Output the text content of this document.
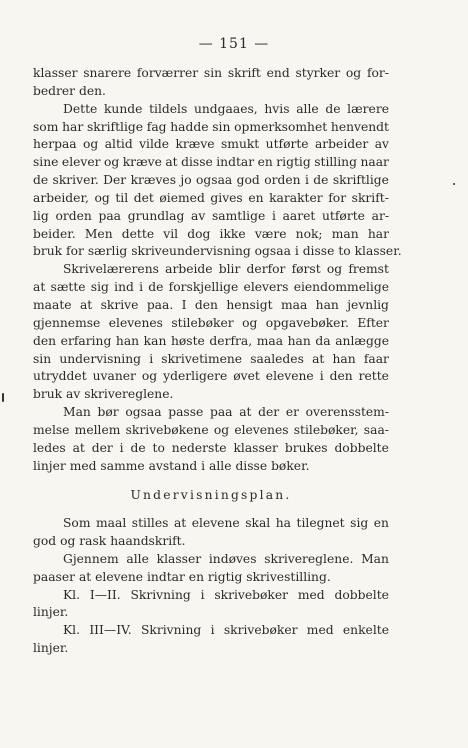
— 151 —
klasser snarere forværrer sin skrift end styrker og for-
bedrer den.
Dette kunde tildels undgaaes, hvis alle de lærere
som har skriftlige fag hadde sin opmerksomhet henvendt
herpaa og altid vilde kræve smukt utførte arbeider av
sine elever og kræve at disse indtar en rigtig stilling naar
de skriver. Der kræves jo ogsaa god orden i de skriftlige
arbeider, og til det øiemed gives en karakter for skrift-
lig orden paa grundlag av samtlige i aaret utførte ar-
beider. Men dette vil dog ikke være nok; man har
bruk for særlig skriveundervisning ogsaa i disse to klasser.
Skrivelærerens arbeide blir derfor først og fremst
at sætte sig ind i de forskjellige elevers eiendommelige
maate at skrive paa. I den hensigt maa han jevnlig
gjennemse elevenes stilebøker og opgavebøker. Efter
den erfaring han kan høste derfra, maa han da anlægge
sin undervisning i skrivetimene saaledes at han faar
utryddet uvaner og yderligere øvet elevene i den rette
bruk av skrivereglene.
Man bør ogsaa passe paa at der er overensstem-
melse mellem skrivebøkene og elevenes stilebøker, saa-
ledes at der i de to nederste klasser brukes dobbelte
linjer med samme avstand i alle disse bøker.
Undervisningsplan.
Som maal stilles at elevene skal ha tilegnet sig en
god og rask haandskrift.
Gjennem alle klasser indøves skrivereglene. Man
paaser at elevene indtar en rigtig skrivestilling.
Kl. I—II. Skrivning i skrivebøker med dobbelte
linjer.
Kl. III—IV. Skrivning i skrivebøker med enkelte
linjer.
